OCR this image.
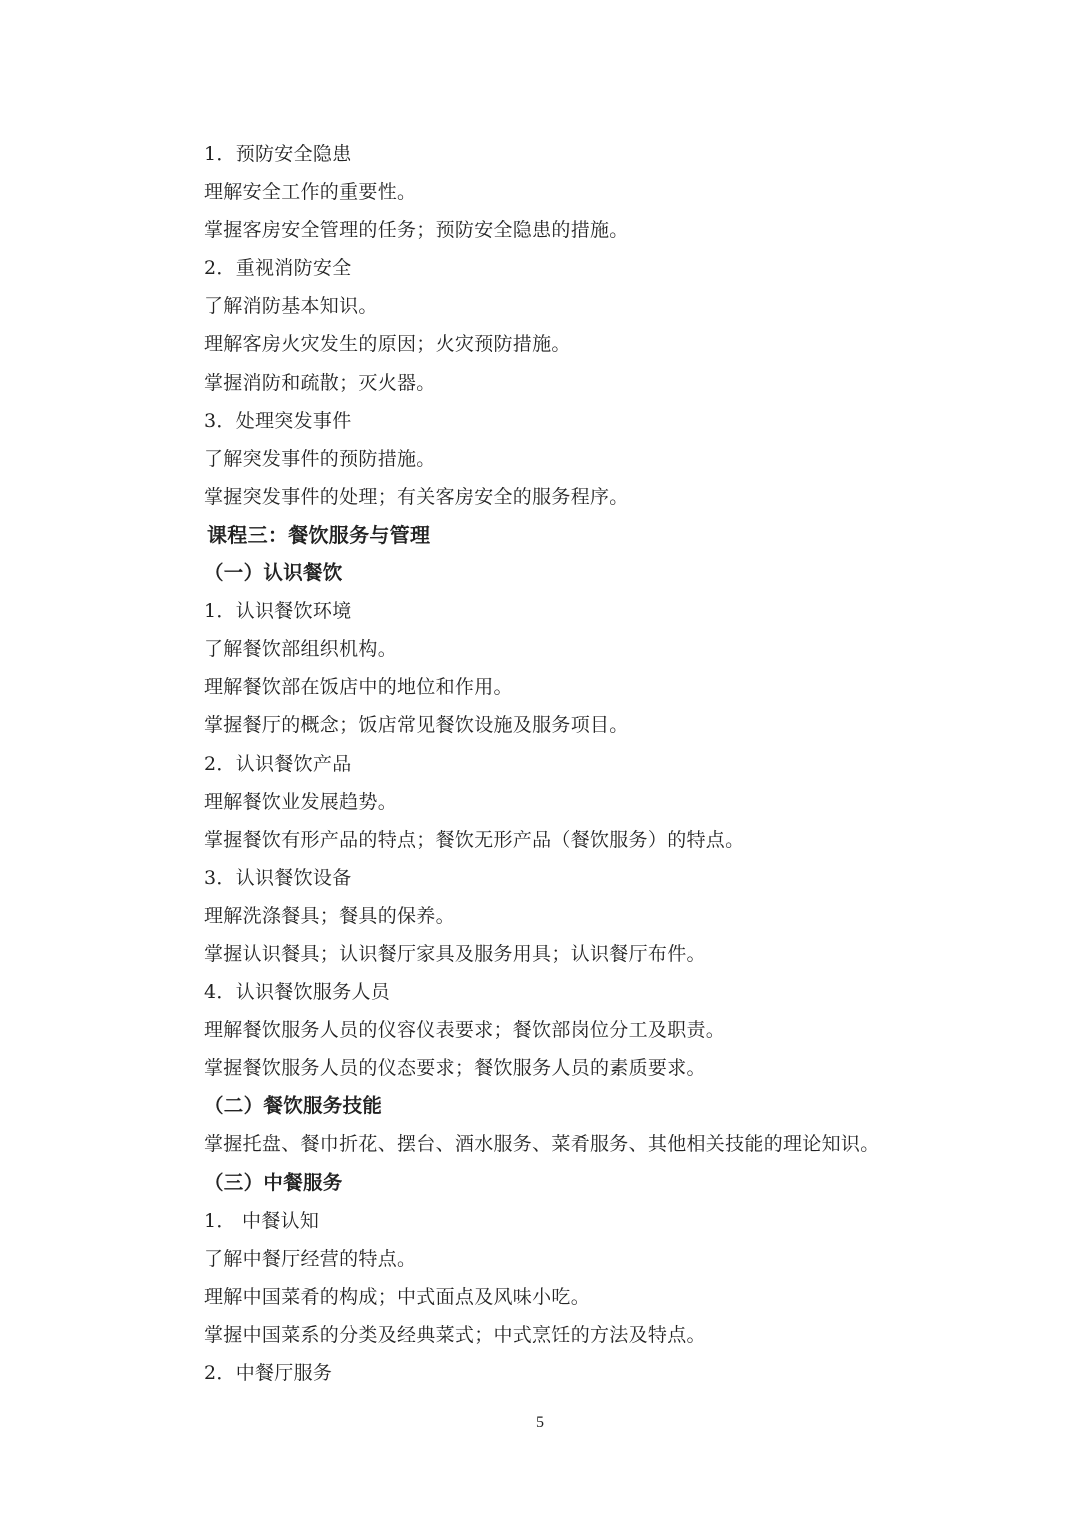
1．预防安全隐患
理解安全工作的重要性。
掌握客房安全管理的任务；预防安全隐患的措施。
2．重视消防安全
了解消防基本知识。
理解客房火灾发生的原因；火灾预防措施。
掌握消防和疏散；灭火器。
3．处理突发事件
了解突发事件的预防措施。
掌握突发事件的处理；有关客房安全的服务程序。
课程三：餐饮服务与管理
（一）认识餐饮
1．认识餐饮环境
了解餐饮部组织机构。
理解餐饮部在饭店中的地位和作用。
掌握餐厅的概念；饭店常见餐饮设施及服务项目。
2．认识餐饮产品
理解餐饮业发展趋势。
掌握餐饮有形产品的特点；餐饮无形产品（餐饮服务）的特点。
3．认识餐饮设备
理解洗涤餐具；餐具的保养。
掌握认识餐具；认识餐厅家具及服务用具；认识餐厅布件。
4．认识餐饮服务人员
理解餐饮服务人员的仪容仪表要求；餐饮部岗位分工及职责。
掌握餐饮服务人员的仪态要求；餐饮服务人员的素质要求。
（二）餐饮服务技能
掌握托盘、餐巾折花、摆台、酒水服务、菜肴服务、其他相关技能的理论知识。
（三）中餐服务
1． 中餐认知
了解中餐厅经营的特点。
理解中国菜肴的构成；中式面点及风味小吃。
掌握中国菜系的分类及经典菜式；中式烹饪的方法及特点。
2．中餐厅服务
5
